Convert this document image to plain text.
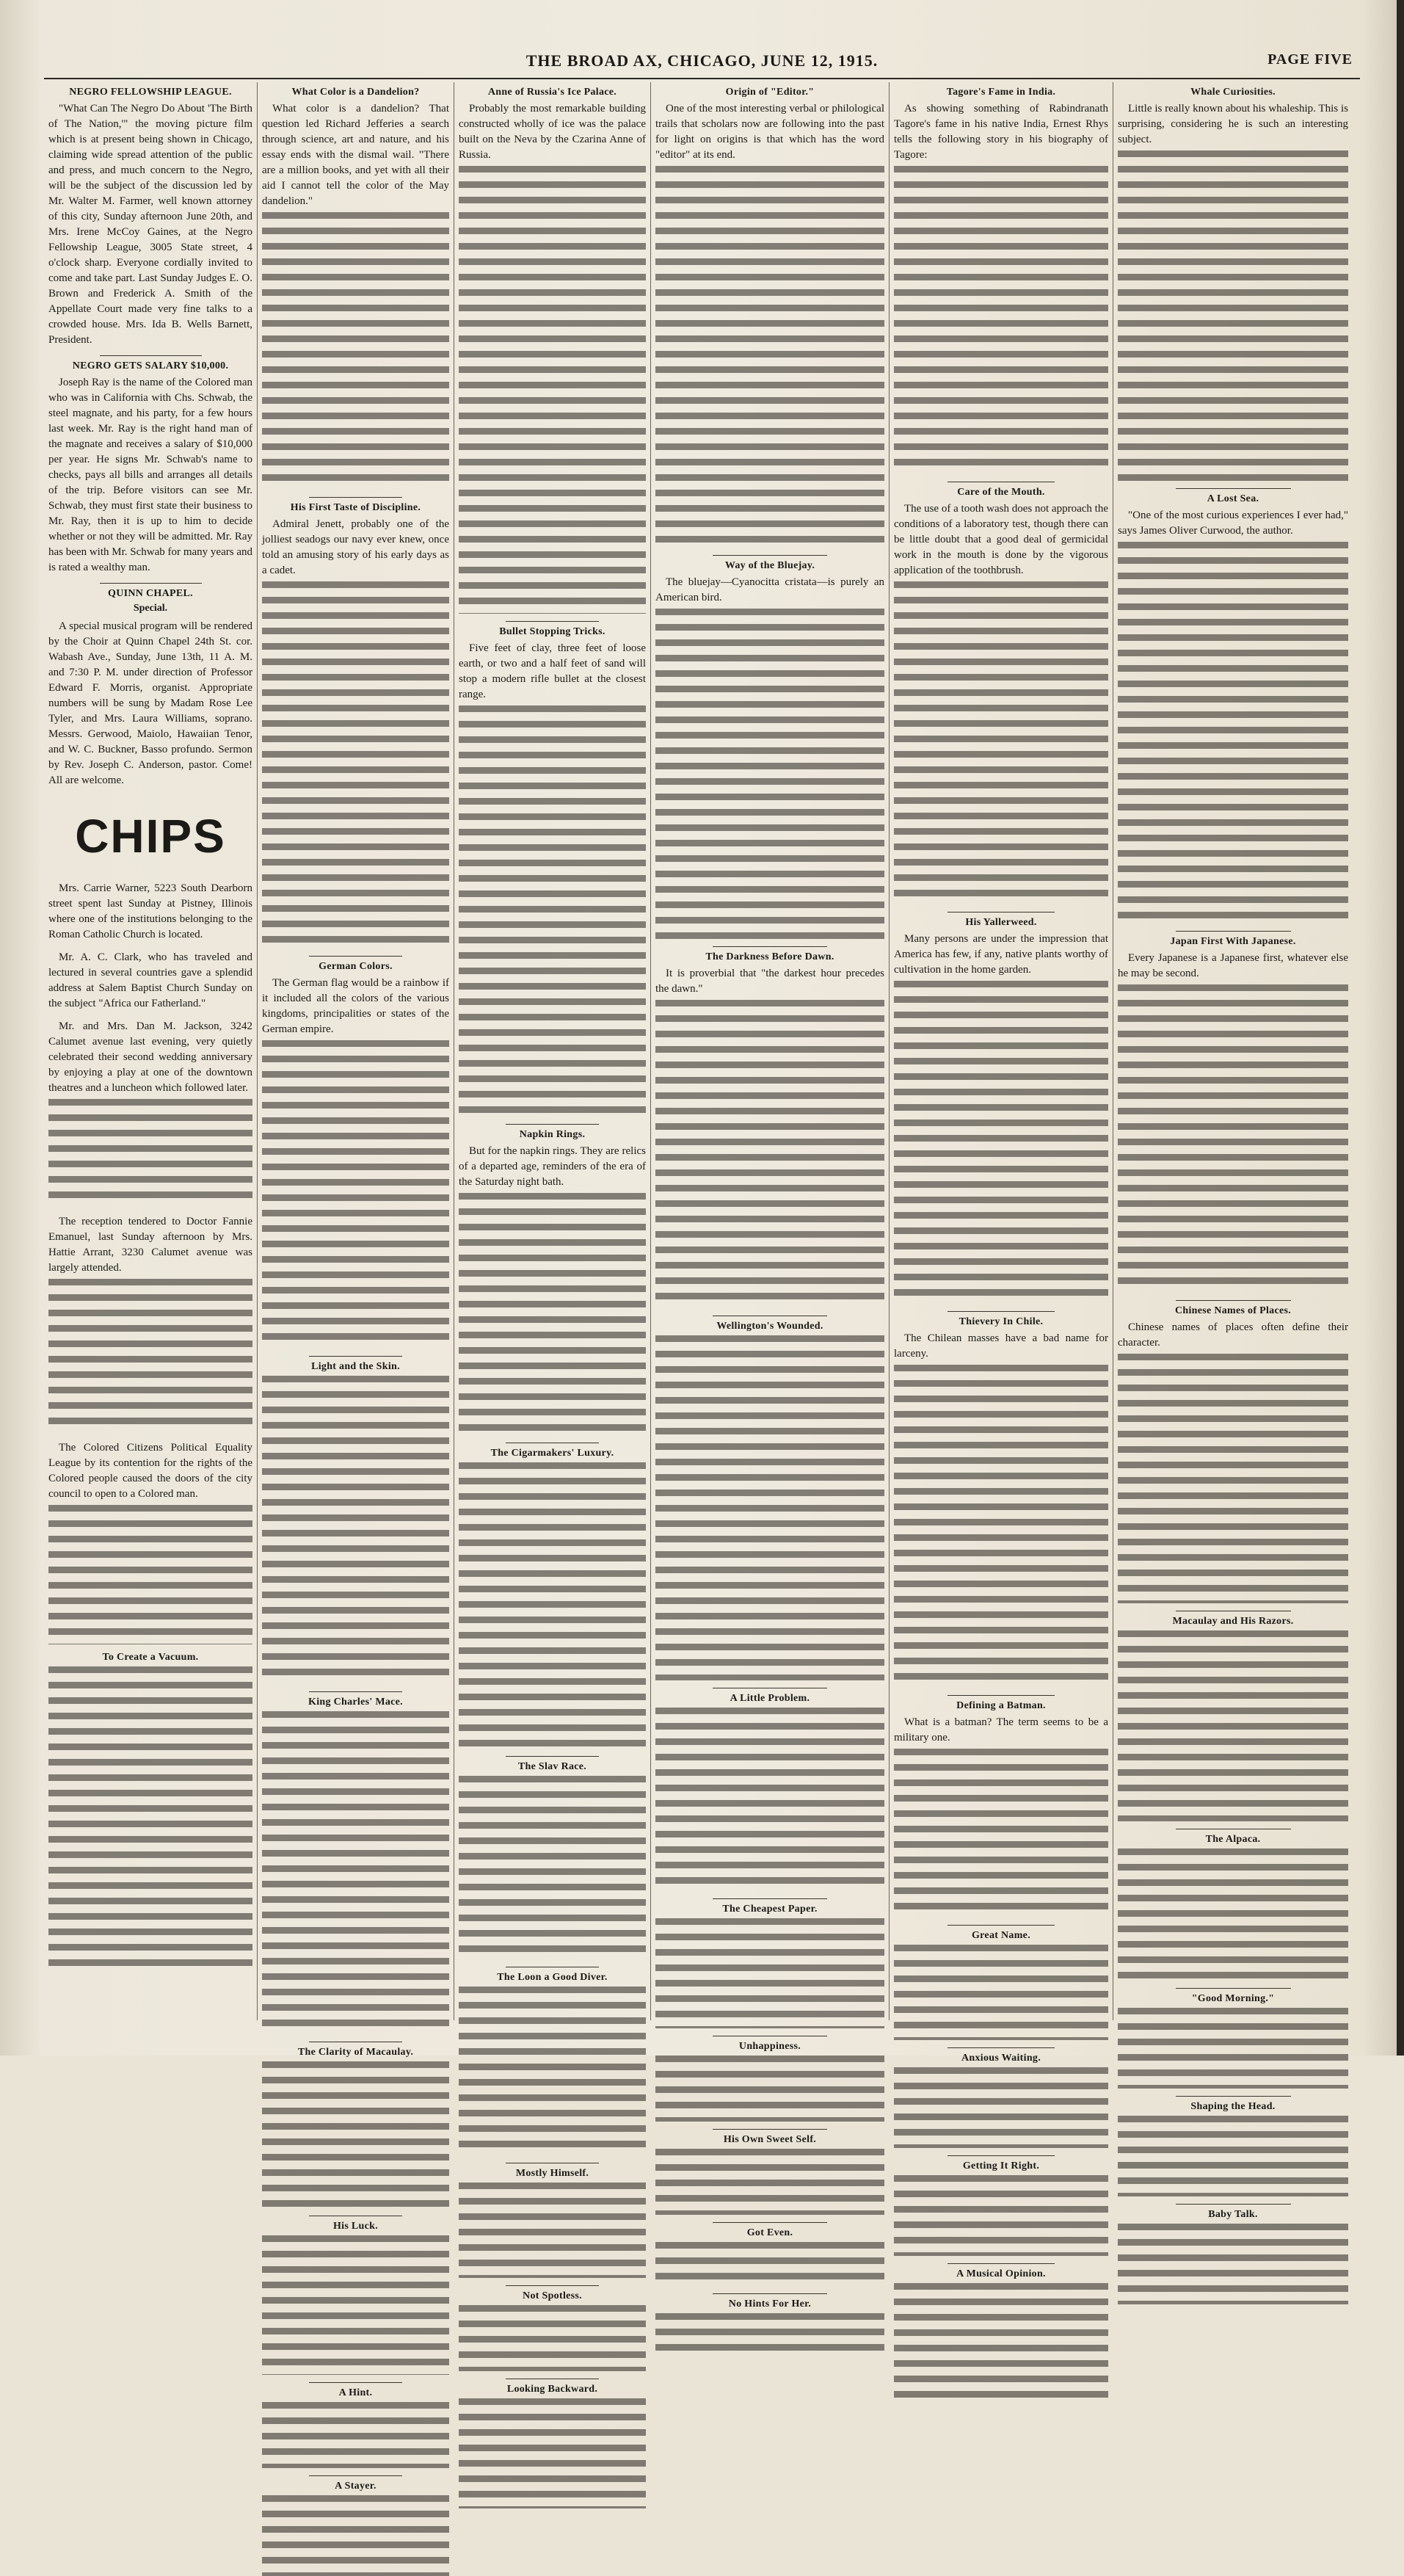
THE BROAD AX, CHICAGO, JUNE 12, 1915.	PAGE FIVE
NEGRO FELLOWSHIP LEAGUE.

"What Can The Negro Do About 'The Birth of The Nation,'" the moving picture film which is at present being shown in Chicago, claiming wide spread attention of the public and press, and much concern to the Negro, will be the subject of the discussion led by Mr. Walter M. Farmer, well known attorney of this city, Sunday afternoon June 20th, and Mrs. Irene McCoy Gaines, at the Negro Fellowship League, 3005 State street, 4 o'clock sharp. Everyone cordially invited to come and take part. Last Sunday Judges E. O. Brown and Frederick A. Smith of the Appellate Court made very fine talks to a crowded house. Mrs. Ida B. Wells Barnett, President.

NEGRO GETS SALARY $10,000.

Joseph Ray is the name of the Colored man who was in California with Chs. Schwab, the steel magnate, and his party, for a few hours last week. Mr. Ray is the right hand man of the magnate and receives a salary of $10,000 per year. He signs Mr. Schwab's name to checks, pays all bills and arranges all details of the trip. Before visitors can see Mr. Schwab, they must first state their business to Mr. Ray, then it is up to him to decide whether or not they will be admitted. Mr. Ray has been with Mr. Schwab for many years and is rated a wealthy man.

QUINN CHAPEL.
Special.

A special musical program will be rendered by the Choir at Quinn Chapel 24th St. cor. Wabash Ave., Sunday, June 13th, 11 A. M. and 7:30 P. M. under direction of Professor Edward F. Morris, organist. Appropriate numbers will be sung by Madam Rose Lee Tyler, and Mrs. Laura Williams, soprano. Messrs. Gerwood, Maiolo, Hawaiian Tenor, and W. C. Buckner, Basso profundo. Sermon by Rev. Joseph C. Anderson, pastor. Come! All are welcome.

CHIPS

Mrs. Carrie Warner, 5223 South Dearborn street spent last Sunday at Pistney, Illinois where one of the institutions belonging to the Roman Catholic Church is located.

Mr. A. C. Clark, who has traveled and lectured in several countries gave a splendid address at Salem Baptist Church Sunday on the subject "Africa our Fatherland."

Mr. and Mrs. Dan M. Jackson, 3242 Calumet avenue last evening, very quietly celebrated their second wedding anniversary by enjoying a play at one of the downtown theatres and a luncheon which followed later.

The reception tendered to Doctor Fannie Emanuel, last Sunday afternoon by Mrs. Hattie Arrant, 3230 Calumet avenue was largely attended.

The Colored Citizens Political Equality League by its contention for the rights of the Colored people caused the doors of the city council to open to a Colored man.

To Create a Vacuum.
What Color is a Dandelion?

What color is a dandelion? That question led Richard Jefferies a search through science, art and nature, and his essay ends with the dismal wail. "There are a million books, and yet with all their aid I cannot tell the color of the May dandelion."

His First Taste of Discipline.

Admiral Jenett, probably one of the jolliest seadogs our navy ever knew, once told an amusing story of his early days as a cadet.

German Colors.

The German flag would be a rainbow if it included all the colors of the various kingdoms, principalities or states of the German empire.

Light and the Skin.
King Charles' Mace.
The Clarity of Macaulay.
His Luck.
A Hint.
A Stayer.
Anne of Russia's Ice Palace.

Probably the most remarkable building constructed wholly of ice was the palace built on the Neva by the Czarina Anne of Russia.

Bullet Stopping Tricks.

Five feet of clay, three feet of loose earth, or two and a half feet of sand will stop a modern rifle bullet at the closest range.

Napkin Rings.

But for the napkin rings. They are relics of a departed age, reminders of the era of the Saturday night bath.

The Cigarmakers' Luxury.
The Slav Race.
The Loon a Good Diver.
Mostly Himself.
Not Spotless.
Looking Backward.
Origin of "Editor."

One of the most interesting verbal or philological trails that scholars now are following into the past for light on origins is that which has the word "editor" at its end.

Way of the Bluejay.

The bluejay—Cyanocitta cristata—is purely an American bird.

The Darkness Before Dawn.

It is proverbial that "the darkest hour precedes the dawn."

Wellington's Wounded.
A Little Problem.
The Cheapest Paper.
Unhappiness.
His Own Sweet Self.
Got Even.
No Hints For Her.
Tagore's Fame in India.

As showing something of Rabindranath Tagore's fame in his native India, Ernest Rhys tells the following story in his biography of Tagore:

Care of the Mouth.

The use of a tooth wash does not approach the conditions of a laboratory test, though there can be little doubt that a good deal of germicidal work in the mouth is done by the vigorous application of the toothbrush.

His Yallerweed.

Many persons are under the impression that America has few, if any, native plants worthy of cultivation in the home garden.

Thievery In Chile.

The Chilean masses have a bad name for larceny.

Defining a Batman.

What is a batman? The term seems to be a military one.

Great Name.
Anxious Waiting.
Getting It Right.
A Musical Opinion.
Whale Curiosities.

Little is really known about his whaleship. This is surprising, considering he is such an interesting subject.

A Lost Sea.

"One of the most curious experiences I ever had," says James Oliver Curwood, the author.

Japan First With Japanese.

Every Japanese is a Japanese first, whatever else he may be second.

Chinese Names of Places.

Chinese names of places often define their character.

Macaulay and His Razors.
The Alpaca.
"Good Morning."
Shaping the Head.
Baby Talk.
